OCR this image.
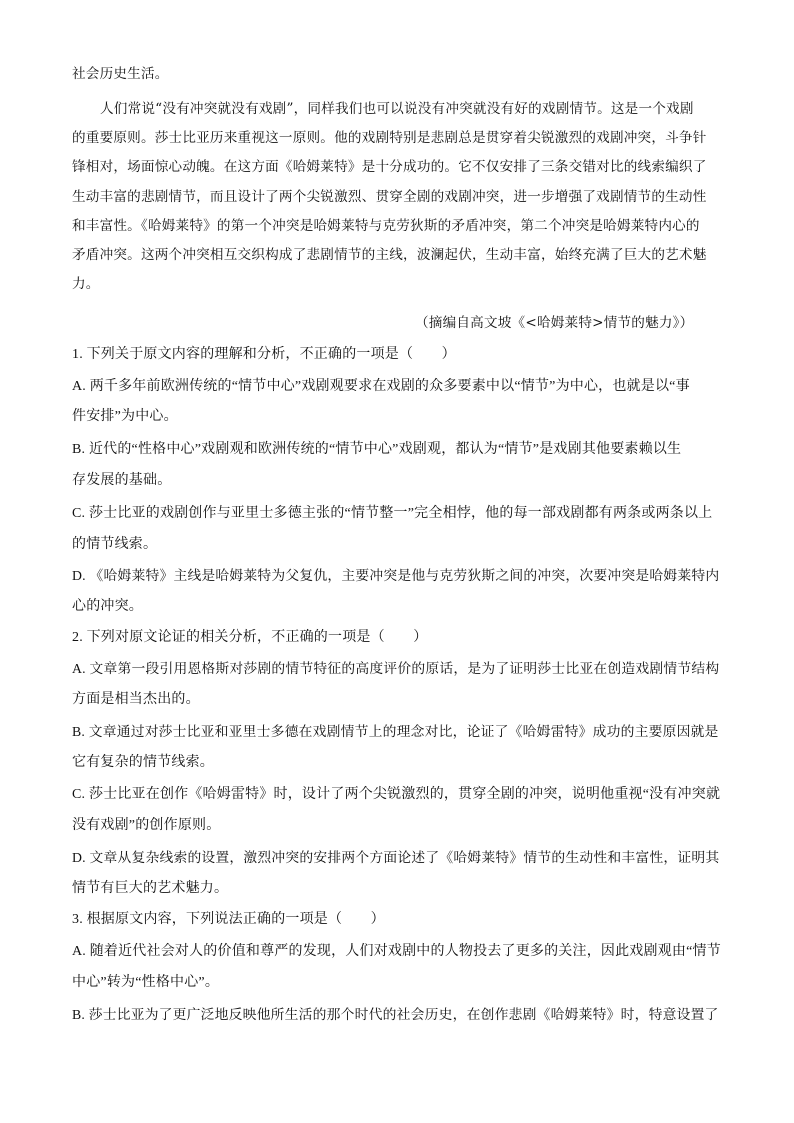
社会历史生活。
人们常说“没有冲突就没有戏剧”，同样我们也可以说没有冲突就没有好的戏剧情节。这是一个戏剧
的重要原则。莎士比亚历来重视这一原则。他的戏剧特别是悲剧总是贯穿着尖锐激烈的戏剧冲突，斗争针
锋相对，场面惊心动魄。在这方面《哈姆莱特》是十分成功的。它不仅安排了三条交错对比的线索编织了
生动丰富的悲剧情节，而且设计了两个尖锐激烈、贯穿全剧的戏剧冲突，进一步增强了戏剧情节的生动性
和丰富性。《哈姆莱特》的第一个冲突是哈姆莱特与克劳狄斯的矛盾冲突，第二个冲突是哈姆莱特内心的
矛盾冲突。这两个冲突相互交织构成了悲剧情节的主线，波澜起伏，生动丰富，始终充满了巨大的艺术魅
力。
（摘编自高文坡《<哈姆莱特>情节的魅力》）
1. 下列关于原文内容的理解和分析，不正确的一项是（　　）
A. 两千多年前欧洲传统的“情节中心”戏剧观要求在戏剧的众多要素中以“情节”为中心，也就是以“事
件安排”为中心。
B. 近代的“性格中心”戏剧观和欧洲传统的“情节中心”戏剧观，都认为“情节”是戏剧其他要素赖以生
存发展的基础。
C. 莎士比亚的戏剧创作与亚里士多德主张的“情节整一”完全相悖，他的每一部戏剧都有两条或两条以上
的情节线索。
D. 《哈姆莱特》主线是哈姆莱特为父复仇，主要冲突是他与克劳狄斯之间的冲突，次要冲突是哈姆莱特内
心的冲突。
2. 下列对原文论证的相关分析，不正确的一项是（　　）
A. 文章第一段引用恩格斯对莎剧的情节特征的高度评价的原话，是为了证明莎士比亚在创造戏剧情节结构
方面是相当杰出的。
B. 文章通过对莎士比亚和亚里士多德在戏剧情节上的理念对比，论证了《哈姆雷特》成功的主要原因就是
它有复杂的情节线索。
C. 莎士比亚在创作《哈姆雷特》时，设计了两个尖锐激烈的，贯穿全剧的冲突，说明他重视“没有冲突就
没有戏剧”的创作原则。
D. 文章从复杂线索的设置，激烈冲突的安排两个方面论述了《哈姆莱特》情节的生动性和丰富性，证明其
情节有巨大的艺术魅力。
3. 根据原文内容，下列说法正确的一项是（　　）
A. 随着近代社会对人的价值和尊严的发现，人们对戏剧中的人物投去了更多的关注，因此戏剧观由“情节
中心”转为“性格中心”。
B. 莎士比亚为了更广泛地反映他所生活的那个时代的社会历史，在创作悲剧《哈姆莱特》时，特意设置了
